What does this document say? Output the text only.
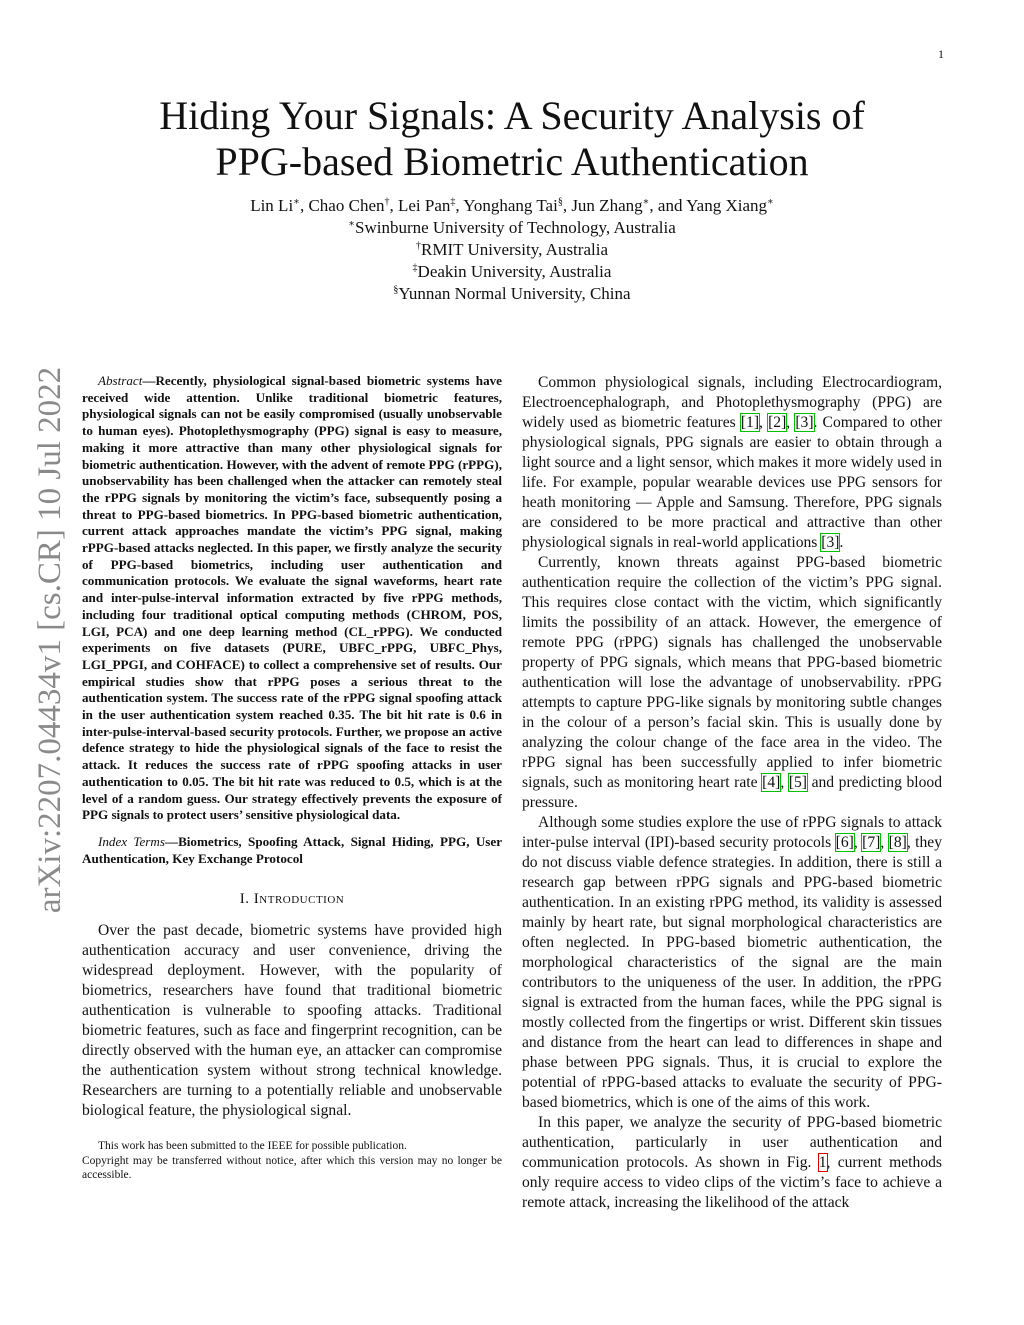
1
arXiv:2207.04434v1 [cs.CR] 10 Jul 2022
Hiding Your Signals: A Security Analysis of
PPG-based Biometric Authentication
Lin Li∗, Chao Chen†, Lei Pan‡, Yonghang Tai§, Jun Zhang∗, and Yang Xiang∗
∗Swinburne University of Technology, Australia
†RMIT University, Australia
‡Deakin University, Australia
§Yunnan Normal University, China
Abstract—Recently, physiological signal-based biometric systems have received wide attention. Unlike traditional biometric features, physiological signals can not be easily compromised (usually unobservable to human eyes). Photoplethysmography (PPG) signal is easy to measure, making it more attractive than many other physiological signals for biometric authentication. However, with the advent of remote PPG (rPPG), unobservability has been challenged when the attacker can remotely steal the rPPG signals by monitoring the victim’s face, subsequently posing a threat to PPG-based biometrics. In PPG-based biometric authentication, current attack approaches mandate the victim’s PPG signal, making rPPG-based attacks neglected. In this paper, we firstly analyze the security of PPG-based biometrics, including user authentication and communication protocols. We evaluate the signal waveforms, heart rate and inter-pulse-interval information extracted by five rPPG methods, including four traditional optical computing methods (CHROM, POS, LGI, PCA) and one deep learning method (CL_rPPG). We conducted experiments on five datasets (PURE, UBFC_rPPG, UBFC_Phys, LGI_PPGI, and COHFACE) to collect a comprehensive set of results. Our empirical studies show that rPPG poses a serious threat to the authentication system. The success rate of the rPPG signal spoofing attack in the user authentication system reached 0.35. The bit hit rate is 0.6 in inter-pulse-interval-based security protocols. Further, we propose an active defence strategy to hide the physiological signals of the face to resist the attack. It reduces the success rate of rPPG spoofing attacks in user authentication to 0.05. The bit hit rate was reduced to 0.5, which is at the level of a random guess. Our strategy effectively prevents the exposure of PPG signals to protect users’ sensitive physiological data.
Index Terms—Biometrics, Spoofing Attack, Signal Hiding, PPG, User Authentication, Key Exchange Protocol
I. Introduction

Over the past decade, biometric systems have provided high authentication accuracy and user convenience, driving the widespread deployment. However, with the popularity of biometrics, researchers have found that traditional biometric authentication is vulnerable to spoofing attacks. Traditional biometric features, such as face and fingerprint recognition, can be directly observed with the human eye, an attacker can compromise the authentication system without strong technical knowledge. Researchers are turning to a potentially reliable and unobservable biological feature, the physiological signal.

This work has been submitted to the IEEE for possible publication.
Copyright may be transferred without notice, after which this version may no longer be accessible.

Common physiological signals, including Electrocardiogram, Electroencephalograph, and Photoplethysmography (PPG) are widely used as biometric features [1], [2], [3]. Compared to other physiological signals, PPG signals are easier to obtain through a light source and a light sensor, which makes it more widely used in life. For example, popular wearable devices use PPG sensors for heath monitoring — Apple and Samsung. Therefore, PPG signals are considered to be more practical and attractive than other physiological signals in real-world applications [3].

Currently, known threats against PPG-based biometric authentication require the collection of the victim’s PPG signal. This requires close contact with the victim, which significantly limits the possibility of an attack. However, the emergence of remote PPG (rPPG) signals has challenged the unobservable property of PPG signals, which means that PPG-based biometric authentication will lose the advantage of unobservability. rPPG attempts to capture PPG-like signals by monitoring subtle changes in the colour of a person’s facial skin. This is usually done by analyzing the colour change of the face area in the video. The rPPG signal has been successfully applied to infer biometric signals, such as monitoring heart rate [4], [5] and predicting blood pressure.

Although some studies explore the use of rPPG signals to attack inter-pulse interval (IPI)-based security protocols [6], [7], [8], they do not discuss viable defence strategies. In addition, there is still a research gap between rPPG signals and PPG-based biometric authentication. In an existing rPPG method, its validity is assessed mainly by heart rate, but signal morphological characteristics are often neglected. In PPG-based biometric authentication, the morphological characteristics of the signal are the main contributors to the uniqueness of the user. In addition, the rPPG signal is extracted from the human faces, while the PPG signal is mostly collected from the fingertips or wrist. Different skin tissues and distance from the heart can lead to differences in shape and phase between PPG signals. Thus, it is crucial to explore the potential of rPPG-based attacks to evaluate the security of PPG-based biometrics, which is one of the aims of this work.

In this paper, we analyze the security of PPG-based biometric authentication, particularly in user authentication and communication protocols. As shown in Fig. 1, current methods only require access to video clips of the victim’s face to achieve a remote attack, increasing the likelihood of the attack
